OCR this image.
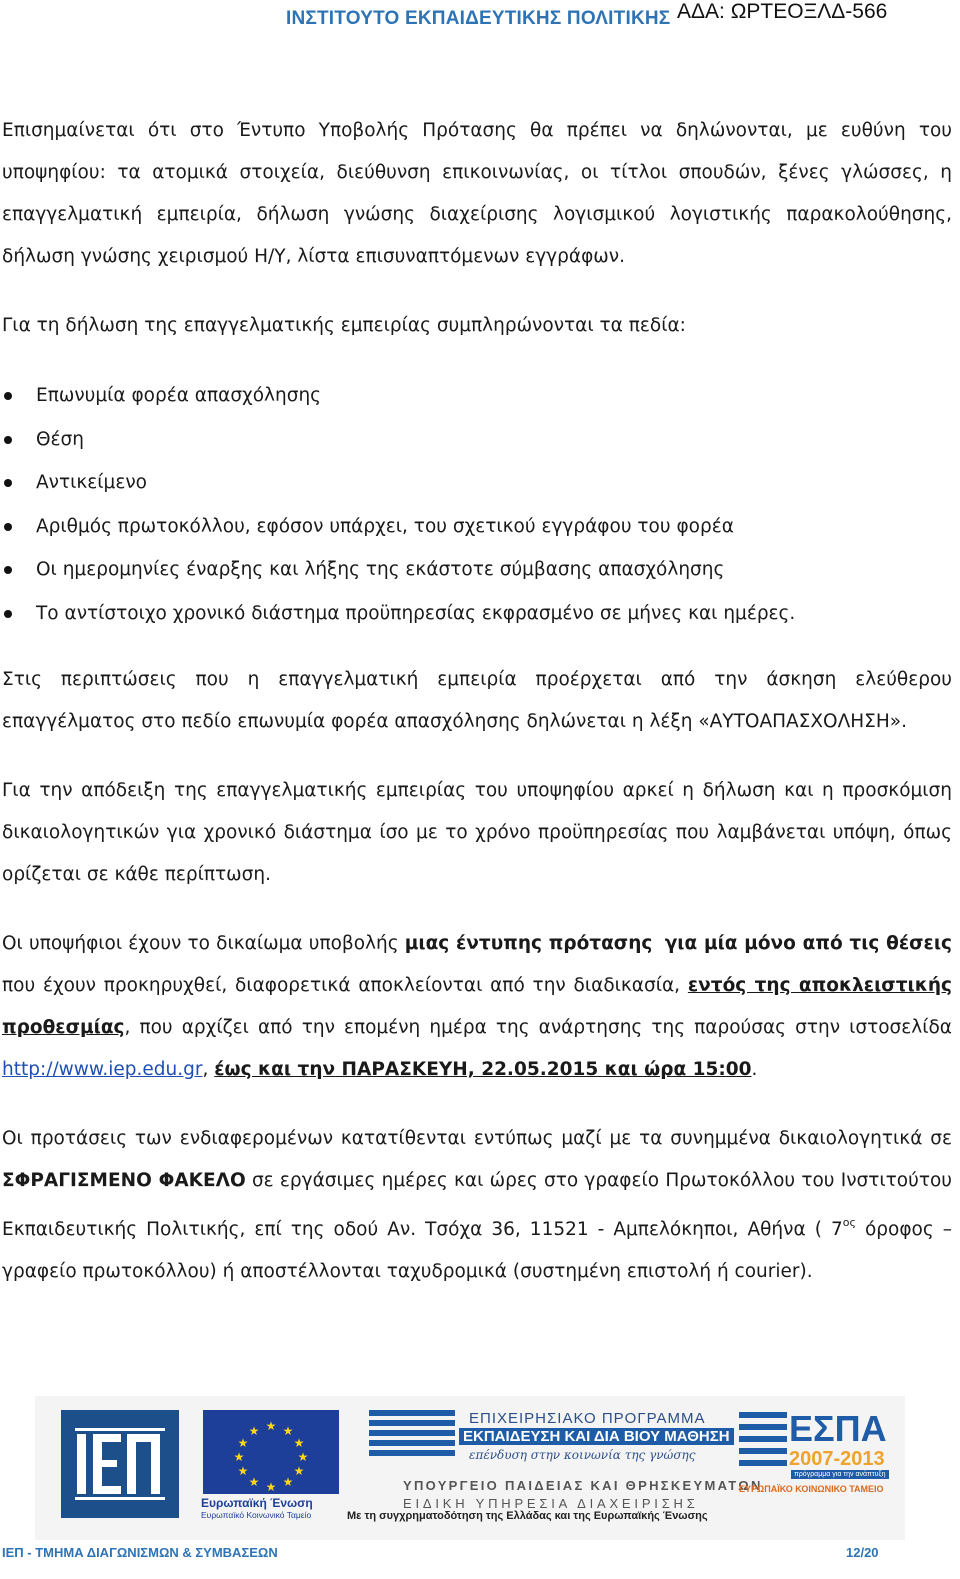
ΙΝΣΤΙΤΟΥΤΟ ΕΚΠΑΙΔΕΥΤΙΚΗΣ ΠΟΛΙΤΙΚΗΣ ΑΔΑ: ΩΡΤΕΟΞΛΔ-566

Επισημαίνεται ότι στο Έντυπο Υποβολής Πρότασης θα πρέπει να δηλώνονται, με ευθύνη του υποψηφίου: τα ατομικά στοιχεία, διεύθυνση επικοινωνίας, οι τίτλοι σπουδών, ξένες γλώσσες, η επαγγελματική εμπειρία, δήλωση γνώσης διαχείρισης λογισμικού λογιστικής παρακολούθησης, δήλωση γνώσης χειρισμού Η/Υ, λίστα επισυναπτόμενων εγγράφων.

Για τη δήλωση της επαγγελματικής εμπειρίας συμπληρώνονται τα πεδία:

Επωνυμία φορέα απασχόλησης
Θέση
Αντικείμενο
Αριθμός πρωτοκόλλου, εφόσον υπάρχει, του σχετικού εγγράφου του φορέα
Οι ημερομηνίες έναρξης και λήξης της εκάστοτε σύμβασης απασχόλησης
Το αντίστοιχο χρονικό διάστημα προϋπηρεσίας εκφρασμένο σε μήνες και ημέρες.

Στις περιπτώσεις που η επαγγελματική εμπειρία προέρχεται από την άσκηση ελεύθερου επαγγέλματος στο πεδίο επωνυμία φορέα απασχόλησης δηλώνεται η λέξη «ΑΥΤΟΑΠΑΣΧΟΛΗΣΗ».

Για την απόδειξη της επαγγελματικής εμπειρίας του υποψηφίου αρκεί η δήλωση και η προσκόμιση δικαιολογητικών για χρονικό διάστημα ίσο με το χρόνο προϋπηρεσίας που λαμβάνεται υπόψη, όπως ορίζεται σε κάθε περίπτωση.

Οι υποψήφιοι έχουν το δικαίωμα υποβολής μιας έντυπης πρότασης για μία μόνο από τις θέσεις που έχουν προκηρυχθεί, διαφορετικά αποκλείονται από την διαδικασία, εντός της αποκλειστικής προθεσμίας, που αρχίζει από την επομένη ημέρα της ανάρτησης της παρούσας στην ιστοσελίδα http://www.iep.edu.gr, έως και την ΠΑΡΑΣΚΕΥΗ, 22.05.2015 και ώρα 15:00.

Οι προτάσεις των ενδιαφερομένων κατατίθενται εντύπως μαζί με τα συνημμένα δικαιολογητικά σε ΣΦΡΑΓΙΣΜΕΝΟ ΦΑΚΕΛΟ σε εργάσιμες ημέρες και ώρες στο γραφείο Πρωτοκόλλου του Ινστιτούτου Εκπαιδευτικής Πολιτικής, επί της οδού Αν. Τσόχα 36, 11521 - Αμπελόκηποι, Αθήνα ( $7^{o\varsigma}$ όροφος – γραφείο πρωτοκόλλου) ή αποστέλλονται ταχυδρομικά (συστημένη επιστολή ή courier).

★ ★
★
★
★
★
★
★
★
★
★
★
Ευρωπαϊκή Ένωση
Ευρωπαϊκό Κοινωνικό Ταμείο
ΕΠΙΧΕΙΡΗΣΙΑΚΟ ΠΡΟΓΡΑΜΜΑ
ΕΚΠΑΙΔΕΥΣΗ ΚΑΙ ΔΙΑ ΒΙΟΥ ΜΑΘΗΣΗ
επένδυση στην κοινωνία της γνώσης
ΥΠΟΥΡΓΕΙΟ ΠΑΙΔΕΙΑΣ ΚΑΙ ΘΡΗΣΚΕΥΜΑΤΩΝ
ΕΙΔΙΚΗ ΥΠΗΡΕΣΙΑ ΔΙΑΧΕΙΡΙΣΗΣ
Με τη συγχρηματοδότηση της Ελλάδας και της Ευρωπαϊκής Ένωσης
ΕΣΠΑ
2007-2013
πρόγραμμα για την ανάπτυξη
ΕΥΡΩΠΑΪΚΟ ΚΟΙΝΩΝΙΚΟ ΤΑΜΕΙΟ
ΙΕΠ - ΤΜΗΜΑ ΔΙΑΓΩΝΙΣΜΩΝ & ΣΥΜΒΑΣΕΩΝ	12/20
